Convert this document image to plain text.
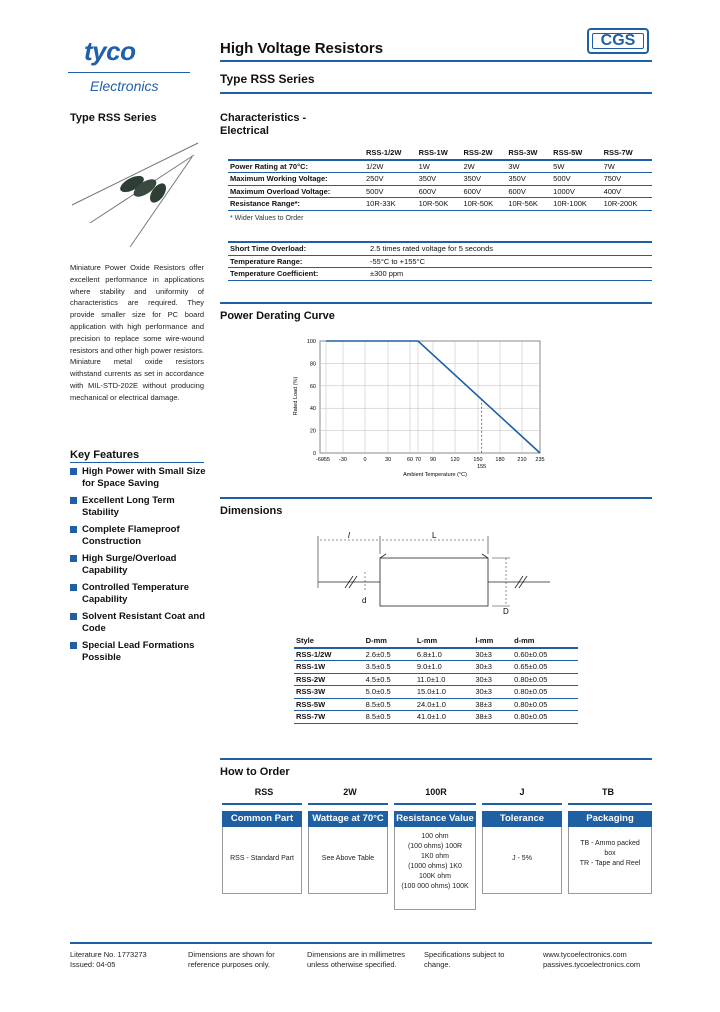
tyco
Electronics
High Voltage Resistors	CGS
Type RSS Series
Type RSS Series
Miniature Power Oxide Resistors offer excellent performance in applications where stability and uniformity of characteristics are required. They provide smaller size for PC board application with high performance and precision to replace some wire-wound resistors and other high power resistors. Miniature metal oxide resistors withstand currents as set in accordance with MIL-STD-202E without producing mechanical or electrical damage.
Key Features
High Power with Small Size for Space Saving
Excellent Long Term Stability
Complete Flameproof Construction
High Surge/Overload Capability
Controlled Temperature Capability
Solvent Resistant Coat and Code
Special Lead Formations Possible
Characteristics -
Electrical
	RSS-1/2W	RSS-1W	RSS-2W	RSS-3W	RSS-5W	RSS-7W
Power Rating at 70°C:	1/2W	1W	2W	3W	5W	7W
Maximum Working Voltage:	250V	350V	350V	350V	500V	750V
Maximum Overload Voltage:	500V	600V	600V	600V	1000V	400V
Resistance Range*:	10R-33K	10R-50K	10R-50K	10R-56K	10R-100K	10R-200K
* Wider Values to Order
Short Time Overload:	2.5 times rated voltage for 5 seconds
Temperature Range:	-55°C to +155°C
Temperature Coefficient:	±300 ppm
Power Derating Curve
0
20
40
60
80
100
-60
-55 -30	0	30	60 70 90	120	150 180 210 235
155
Ambient Temperature (°C)
Rated Load (%)
Dimensions
l	L
d
D
Style	D-mm	L-mm	l-mm	d-mm
RSS-1/2W	2.6±0.5	6.8±1.0	30±3	0.60±0.05
RSS-1W	3.5±0.5	9.0±1.0	30±3	0.65±0.05
RSS-2W	4.5±0.5	11.0±1.0	30±3	0.80±0.05
RSS-3W	5.0±0.5	15.0±1.0	30±3	0.80±0.05
RSS-5W	8.5±0.5	24.0±1.0	38±3	0.80±0.05
RSS-7W	8.5±0.5	41.0±1.0	38±3	0.80±0.05
How to Order
RSS	2W	100R	J	TB
Common Part	Wattage at 70°C	Resistance Value	Tolerance	Packaging
RSS - Standard Part	See Above Table
100 ohm
(100 ohms) 100R
1K0 ohm
(1000 ohms) 1K0
100K ohm
(100 000 ohms) 100K
J - 5%
TB - Ammo packed box
TR - Tape and Reel
Literature No. 1773273
Issued: 04-05
Dimensions are shown for
reference purposes only.
Dimensions are in millimetres
unless otherwise specified.
Specifications subject to
change.
www.tycoelectronics.com
passives.tycoelectronics.com
